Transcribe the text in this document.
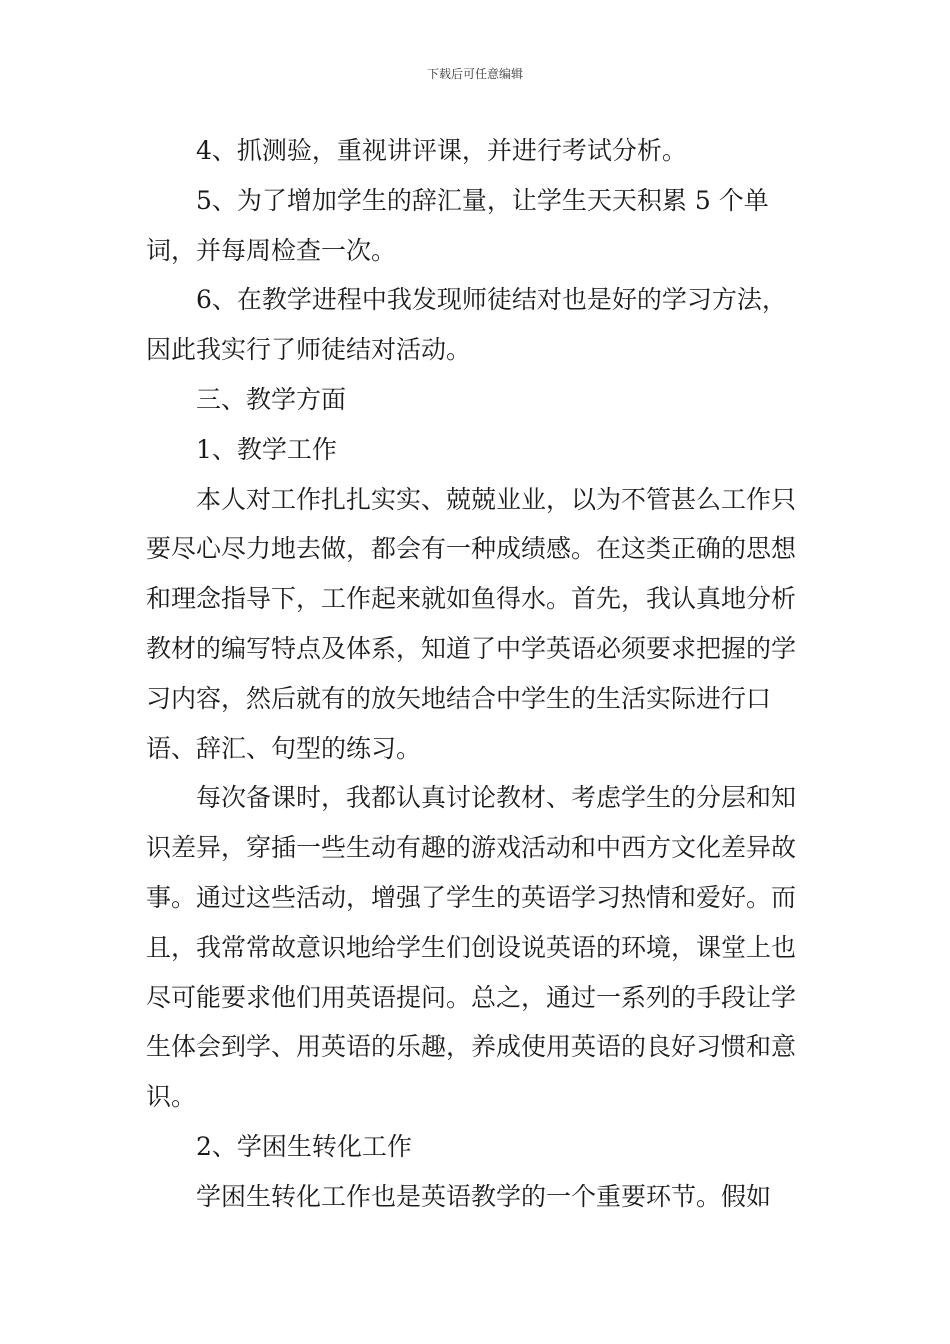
下载后可任意编辑

4、抓测验，重视讲评课，并进行考试分析。

5、为了增加学生的辞汇量，让学生天天积累 5 个单词，并每周检查一次。

6、在教学进程中我发现师徒结对也是好的学习方法，因此我实行了师徒结对活动。

三、教学方面

1、教学工作

本人对工作扎扎实实、兢兢业业，以为不管甚么工作只要尽心尽力地去做，都会有一种成绩感。在这类正确的思想和理念指导下，工作起来就如鱼得水。首先，我认真地分析教材的编写特点及体系，知道了中学英语必须要求把握的学习内容，然后就有的放矢地结合中学生的生活实际进行口语、辞汇、句型的练习。

每次备课时，我都认真讨论教材、考虑学生的分层和知识差异，穿插一些生动有趣的游戏活动和中西方文化差异故事。通过这些活动，增强了学生的英语学习热情和爱好。而且，我常常故意识地给学生们创设说英语的环境，课堂上也尽可能要求他们用英语提问。总之，通过一系列的手段让学生体会到学、用英语的乐趣，养成使用英语的良好习惯和意识。

2、学困生转化工作

学困生转化工作也是英语教学的一个重要环节。假如
